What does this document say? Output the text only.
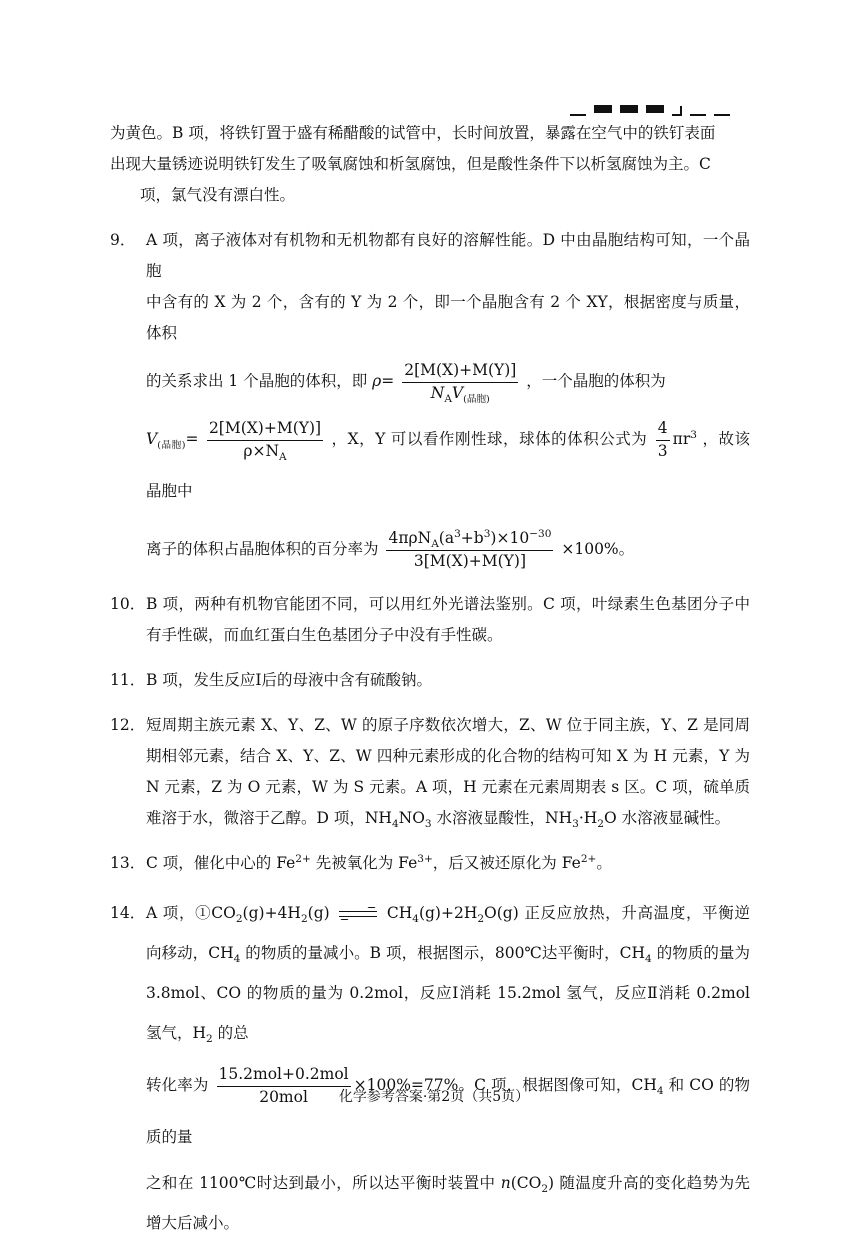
为黄色。B 项，将铁钉置于盛有稀醋酸的试管中，长时间放置，暴露在空气中的铁钉表面
出现大量锈迹说明铁钉发生了吸氧腐蚀和析氢腐蚀，但是酸性条件下以析氢腐蚀为主。C
项，氯气没有漂白性。
9． A 项，离子液体对有机物和无机物都有良好的溶解性能。D 中由晶胞结构可知，一个晶胞
中含有的 X 为 2 个，含有的 Y 为 2 个，即一个晶胞含有 2 个 XY，根据密度与质量，体积
的关系求出 1 个晶胞的体积，即 $\rho= \frac{2[M(X)+M(Y)]}{N_AV_{(晶胞)}}$ ，一个晶胞的体积为
$V_{(晶胞)}= \frac{2[M(X)+M(Y)]}{\rho\times N_A}$ ，X，Y 可以看作刚性球，球体的体积公式为 $\frac{4}{3} \pi r^3$ ，故该晶胞中
离子的体积占晶胞体积的百分率为 $\frac{4\pi\rho N_A(a^3+b^3)\times 10^{-30}}{3[M(X)+M(Y)]} \times 100\%$。
10． B 项，两种有机物官能团不同，可以用红外光谱法鉴别。C 项，叶绿素生色基团分子中有手性碳，而血红蛋白生色基团分子中没有手性碳。
11． B 项，发生反应Ⅰ后的母液中含有硫酸钠。
12． 短周期主族元素 X、Y、Z、W 的原子序数依次增大，Z、W 位于同主族，Y、Z 是同周期相邻元素，结合 X、Y、Z、W 四种元素形成的化合物的结构可知 X 为 H 元素，Y 为 N 元素，Z 为 O 元素，W 为 S 元素。A 项，H 元素在元素周期表 s 区。C 项，硫单质难溶于水，微溶于乙醇。D 项，$NH_4NO_3$ 水溶液显酸性，$NH_3\cdot H_2O$ 水溶液显碱性。
13． C 项，催化中心的 $Fe^{2+}$ 先被氧化为 $Fe^{3+}$，后又被还原化为 $Fe^{2+}$。
14． A 项，$①CO_2(g)+4H_2(g) \to CH_4(g)+2H_2O(g)$ 正反应放热，升高温度，平衡逆向移动，$CH_4$ 的物质的量减小。B 项，根据图示，800℃达平衡时，$CH_4$ 的物质的量为 3.8mol、CO 的物质的量为 0.2mol，反应Ⅰ消耗 15.2mol 氢气，反应Ⅱ消耗 0.2mol 氢气，$H_2$ 的总
转化率为 $\frac{\text{15.2mol+0.2mol}}{\text{20mol}} \times 100\%=77\%$。C 项，根据图像可知，$CH_4$ 和 CO 的物质的量
之和在 1100℃时达到最小，所以达平衡时装置中 $n(CO_2)$ 随温度升高的变化趋势为先增大后减小。
化学参考答案·第2页（共5页）
